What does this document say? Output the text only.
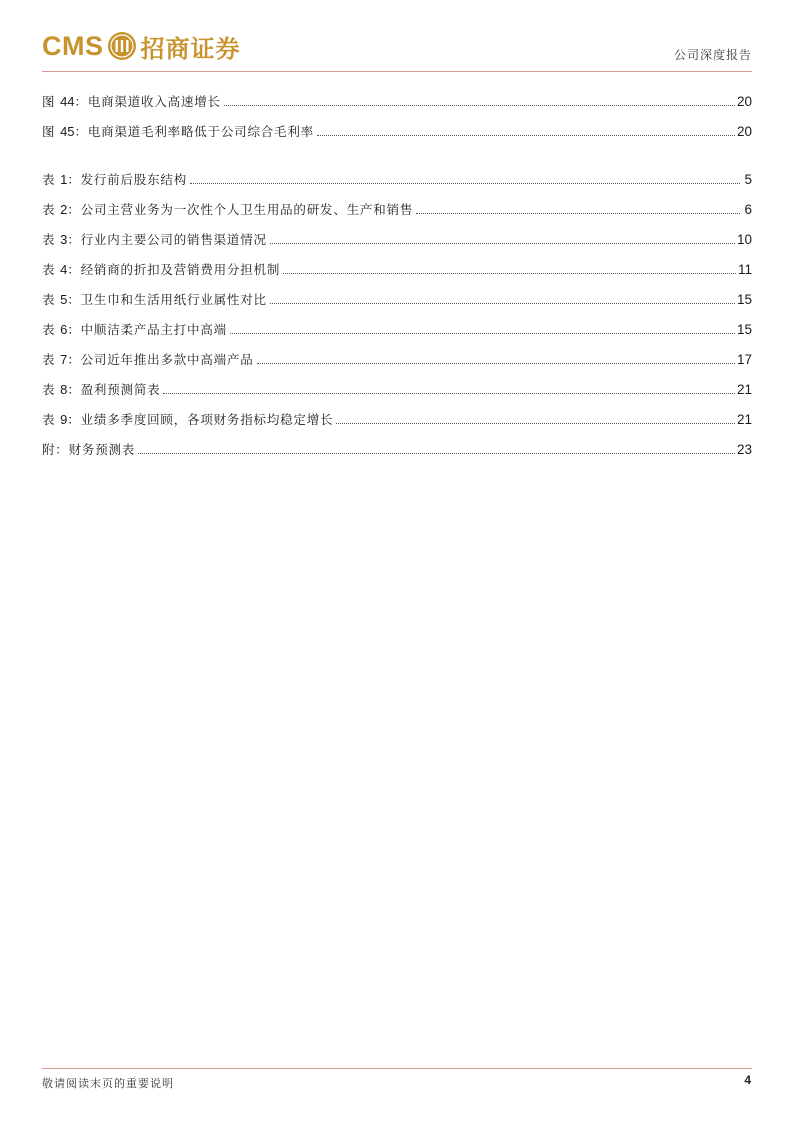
CMS 招商证券	公司深度报告
图 44：电商渠道收入高速增长	20
图 45：电商渠道毛利率略低于公司综合毛利率	20
表 1：发行前后股东结构	5
表 2：公司主营业务为一次性个人卫生用品的研发、生产和销售	6
表 3：行业内主要公司的销售渠道情况	10
表 4：经销商的折扣及营销费用分担机制	11
表 5：卫生巾和生活用纸行业属性对比	15
表 6：中顺洁柔产品主打中高端	15
表 7：公司近年推出多款中高端产品	17
表 8：盈利预测简表	21
表 9：业绩多季度回顾，各项财务指标均稳定增长	21
附：财务预测表	23
敬请阅读末页的重要说明	4
